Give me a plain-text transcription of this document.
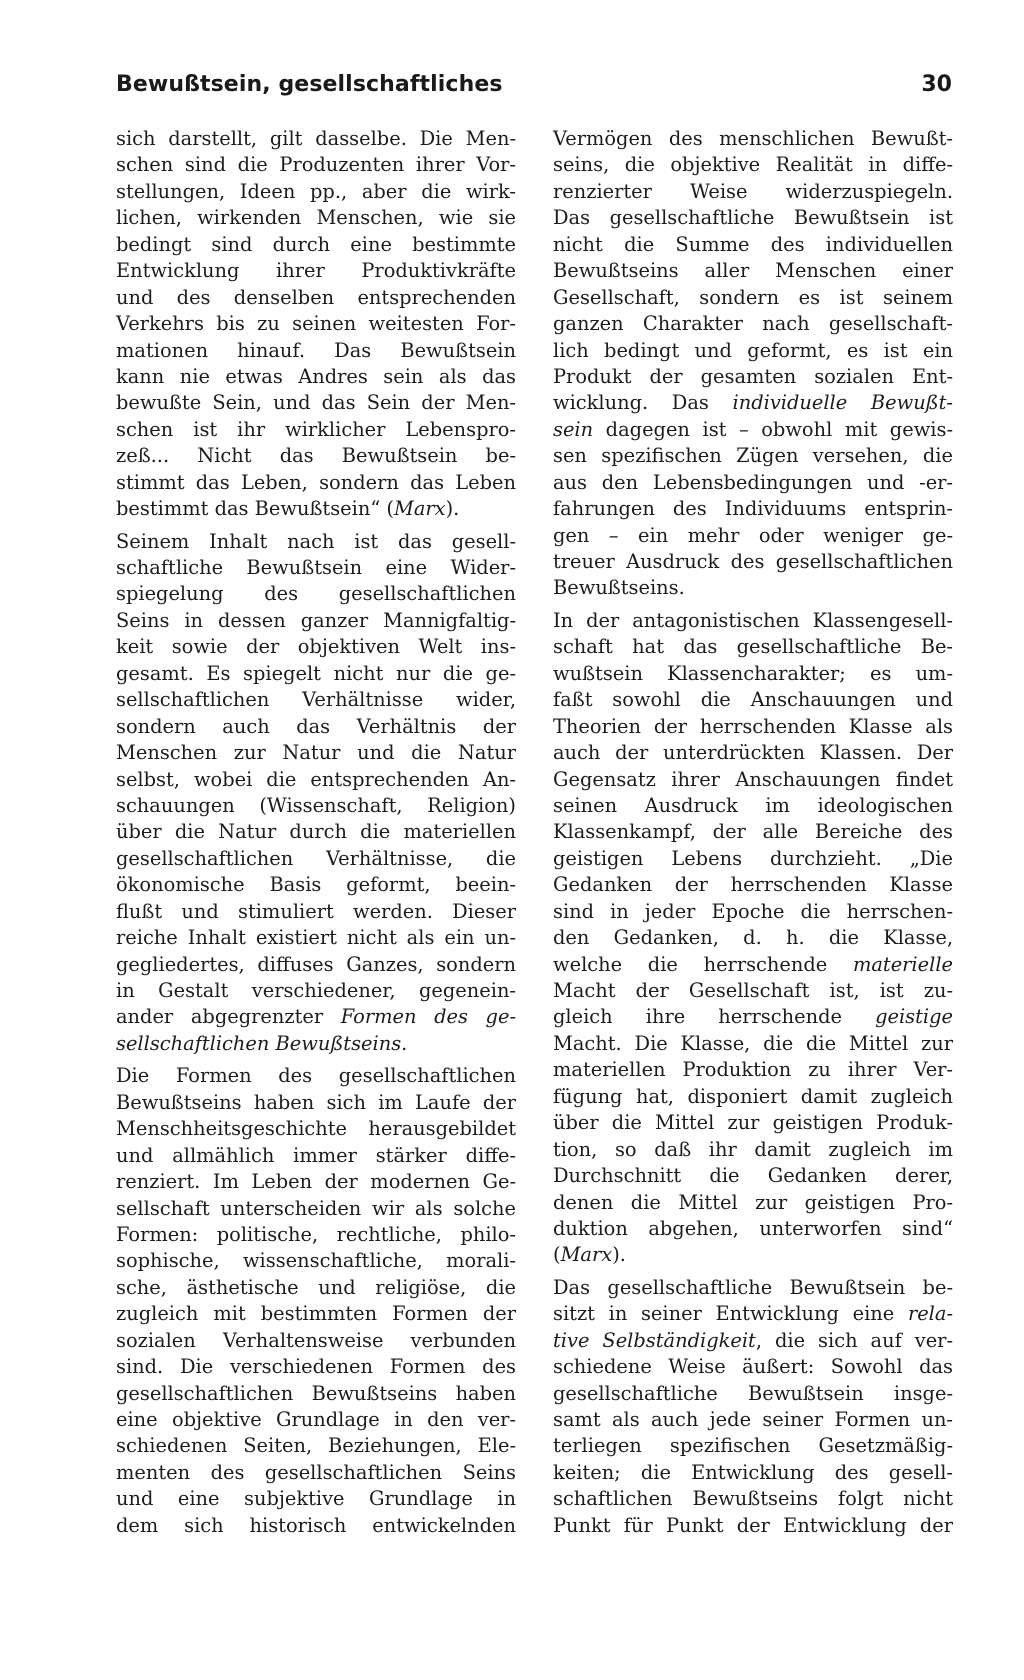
Bewußtsein, gesellschaftliches	30
sich darstellt, gilt dasselbe. Die Men-
schen sind die Produzenten ihrer Vor-
stellungen, Ideen pp., aber die wirk-
lichen, wirkenden Menschen, wie sie
bedingt sind durch eine bestimmte
Entwicklung ihrer Produktivkräfte
und des denselben entsprechenden
Verkehrs bis zu seinen weitesten For-
mationen hinauf. Das Bewußtsein
kann nie etwas Andres sein als das
bewußte Sein, und das Sein der Men-
schen ist ihr wirklicher Lebenspro-
zeß... Nicht das Bewußtsein be-
stimmt das Leben, sondern das Leben
bestimmt das Bewußtsein“ (Marx).
Seinem Inhalt nach ist das gesell-
schaftliche Bewußtsein eine Wider-
spiegelung des gesellschaftlichen
Seins in dessen ganzer Mannigfaltig-
keit sowie der objektiven Welt ins-
gesamt. Es spiegelt nicht nur die ge-
sellschaftlichen Verhältnisse wider,
sondern auch das Verhältnis der
Menschen zur Natur und die Natur
selbst, wobei die entsprechenden An-
schauungen (Wissenschaft, Religion)
über die Natur durch die materiellen
gesellschaftlichen Verhältnisse, die
ökonomische Basis geformt, beein-
flußt und stimuliert werden. Dieser
reiche Inhalt existiert nicht als ein un-
gegliedertes, diffuses Ganzes, sondern
in Gestalt verschiedener, gegenein-
ander abgegrenzter Formen des ge-
sellschaftlichen Bewußtseins.
Die Formen des gesellschaftlichen
Bewußtseins haben sich im Laufe der
Menschheitsgeschichte herausgebildet
und allmählich immer stärker diffe-
renziert. Im Leben der modernen Ge-
sellschaft unterscheiden wir als solche
Formen: politische, rechtliche, philo-
sophische, wissenschaftliche, morali-
sche, ästhetische und religiöse, die
zugleich mit bestimmten Formen der
sozialen Verhaltensweise verbunden
sind. Die verschiedenen Formen des
gesellschaftlichen Bewußtseins haben
eine objektive Grundlage in den ver-
schiedenen Seiten, Beziehungen, Ele-
menten des gesellschaftlichen Seins
und eine subjektive Grundlage in
dem sich historisch entwickelnden
Vermögen des menschlichen Bewußt-
seins, die objektive Realität in diffe-
renzierter Weise widerzuspiegeln.
Das gesellschaftliche Bewußtsein ist
nicht die Summe des individuellen
Bewußtseins aller Menschen einer
Gesellschaft, sondern es ist seinem
ganzen Charakter nach gesellschaft-
lich bedingt und geformt, es ist ein
Produkt der gesamten sozialen Ent-
wicklung. Das individuelle Bewußt-
sein dagegen ist – obwohl mit gewis-
sen spezifischen Zügen versehen, die
aus den Lebensbedingungen und -er-
fahrungen des Individuums entsprin-
gen – ein mehr oder weniger ge-
treuer Ausdruck des gesellschaftlichen
Bewußtseins.
In der antagonistischen Klassengesell-
schaft hat das gesellschaftliche Be-
wußtsein Klassencharakter; es um-
faßt sowohl die Anschauungen und
Theorien der herrschenden Klasse als
auch der unterdrückten Klassen. Der
Gegensatz ihrer Anschauungen findet
seinen Ausdruck im ideologischen
Klassenkampf, der alle Bereiche des
geistigen Lebens durchzieht. „Die
Gedanken der herrschenden Klasse
sind in jeder Epoche die herrschen-
den Gedanken, d. h. die Klasse,
welche die herrschende materielle
Macht der Gesellschaft ist, ist zu-
gleich ihre herrschende geistige
Macht. Die Klasse, die die Mittel zur
materiellen Produktion zu ihrer Ver-
fügung hat, disponiert damit zugleich
über die Mittel zur geistigen Produk-
tion, so daß ihr damit zugleich im
Durchschnitt die Gedanken derer,
denen die Mittel zur geistigen Pro-
duktion abgehen, unterworfen sind“
(Marx).
Das gesellschaftliche Bewußtsein be-
sitzt in seiner Entwicklung eine rela-
tive Selbständigkeit, die sich auf ver-
schiedene Weise äußert: Sowohl das
gesellschaftliche Bewußtsein insge-
samt als auch jede seiner Formen un-
terliegen spezifischen Gesetzmäßig-
keiten; die Entwicklung des gesell-
schaftlichen Bewußtseins folgt nicht
Punkt für Punkt der Entwicklung der
